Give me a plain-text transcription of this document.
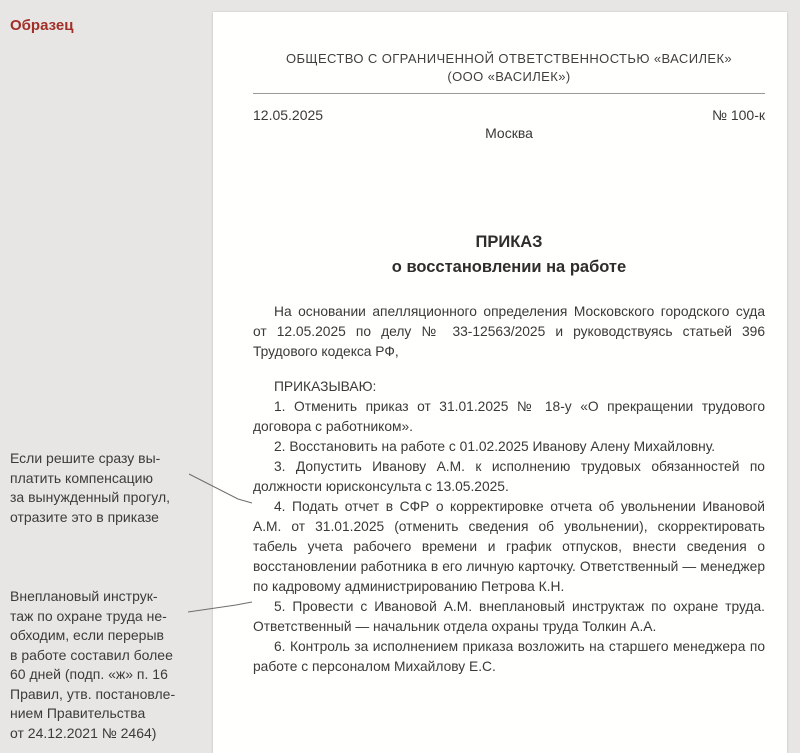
Образец
Если решите сразу вы-
платить компенсацию
за вынужденный прогул,
отразите это в приказе
Внеплановый инструк-
таж по охране труда не-
обходим, если перерыв
в работе составил более
60 дней (подп. «ж» п. 16
Правил, утв. постановле-
нием Правительства
от 24.12.2021 № 2464)
ОБЩЕСТВО С ОГРАНИЧЕННОЙ ОТВЕТСТВЕННОСТЬЮ «ВАСИЛЕК»
(ООО «ВАСИЛЕК»)
12.05.2025	№ 100-к
Москва
ПРИКАЗ
о восстановлении на работе

На основании апелляционного определения Московского городского суда от 12.05.2025 по делу № 33-12563/2025 и руководствуясь статьей 396 Трудового кодекса РФ,

ПРИКАЗЫВАЮ:

1. Отменить приказ от 31.01.2025 № 18-у «О прекращении трудового договора с работником».

2. Восстановить на работе с 01.02.2025 Иванову Алену Михайловну.

3. Допустить Иванову А.М. к исполнению трудовых обязанностей по должности юрисконсульта с 13.05.2025.

4. Подать отчет в СФР о корректировке отчета об увольнении Ивановой А.М. от 31.01.2025 (отменить сведения об увольнении), скорректировать табель учета рабочего времени и график отпусков, внести сведения о восстановлении работника в его личную карточку. Ответственный — менеджер по кадровому администрированию Петрова К.Н.

5. Провести с Ивановой А.М. внеплановый инструктаж по охране труда. Ответственный — начальник отдела охраны труда Толкин А.А.

6. Контроль за исполнением приказа возложить на старшего менеджера по работе с персоналом Михайлову Е.С.
